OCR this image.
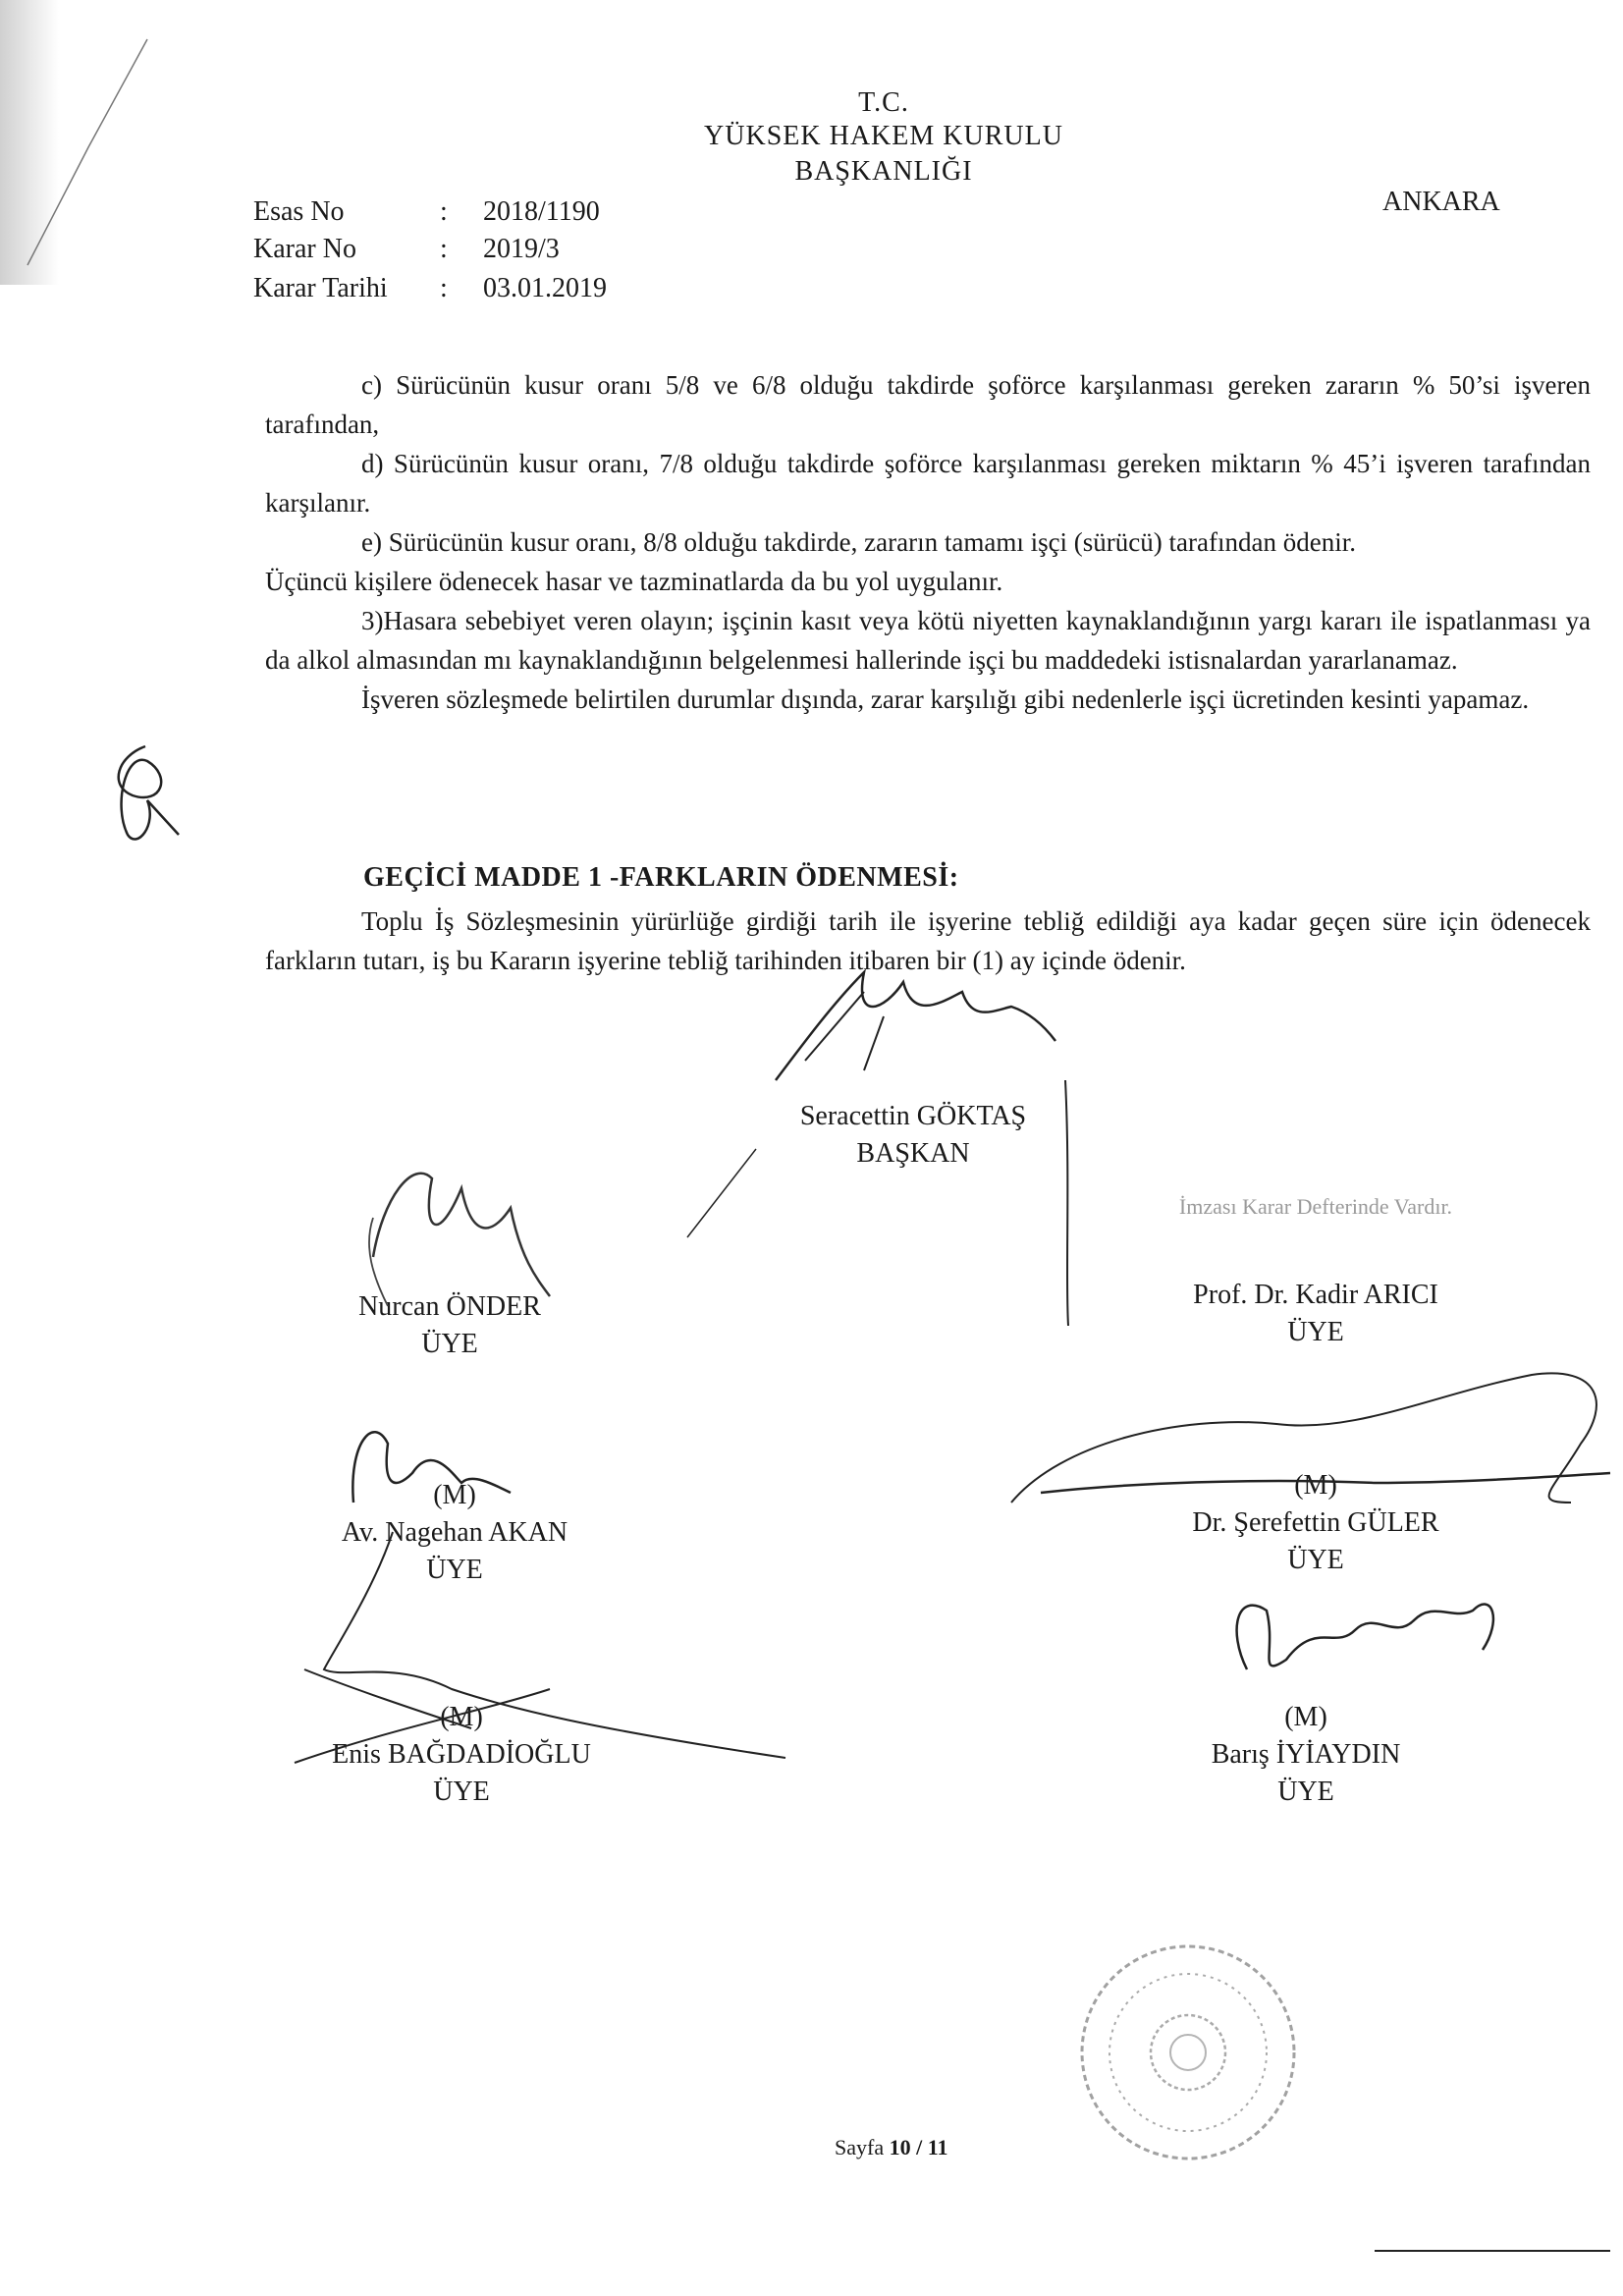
T.C.
YÜKSEK HAKEM KURULU
BAŞKANLIĞI
ANKARA
Esas No	: 2018/1190
Karar No	: 2019/3
Karar Tarihi : 03.01.2019

c) Sürücünün kusur oranı 5/8 ve 6/8 olduğu takdirde şoförce karşılanması gereken zararın % 50’si işveren tarafından,

d) Sürücünün kusur oranı, 7/8 olduğu takdirde şoförce karşılanması gereken miktarın % 45’i işveren tarafından karşılanır.

e) Sürücünün kusur oranı, 8/8 olduğu takdirde, zararın tamamı işçi (sürücü) tarafından ödenir.

Üçüncü kişilere ödenecek hasar ve tazminatlarda da bu yol uygulanır.

3)Hasara sebebiyet veren olayın; işçinin kasıt veya kötü niyetten kaynaklandığının yargı kararı ile ispatlanması ya da alkol almasından mı kaynaklandığının belgelenmesi hallerinde işçi bu maddedeki istisnalardan yararlanamaz.

İşveren sözleşmede belirtilen durumlar dışında, zarar karşılığı gibi nedenlerle işçi ücretinden kesinti yapamaz.

GEÇİCİ MADDE 1 -FARKLARIN ÖDENMESİ:

Toplu İş Sözleşmesinin yürürlüğe girdiği tarih ile işyerine tebliğ edildiği aya kadar geçen süre için ödenecek farkların tutarı, iş bu Kararın işyerine tebliğ tarihinden itibaren bir (1) ay içinde ödenir.

Seracettin GÖKTAŞ
BAŞKAN
Nurcan ÖNDER
ÜYE
İmzası Karar Defterinde Vardır.
Prof. Dr. Kadir ARICI
ÜYE
(M)
Av. Nagehan AKAN
ÜYE
(M)
Dr. Şerefettin GÜLER
ÜYE
(M)
Enis BAĞDADİOĞLU
ÜYE
(M)
Barış İYİAYDIN
ÜYE
Sayfa 10 / 11
